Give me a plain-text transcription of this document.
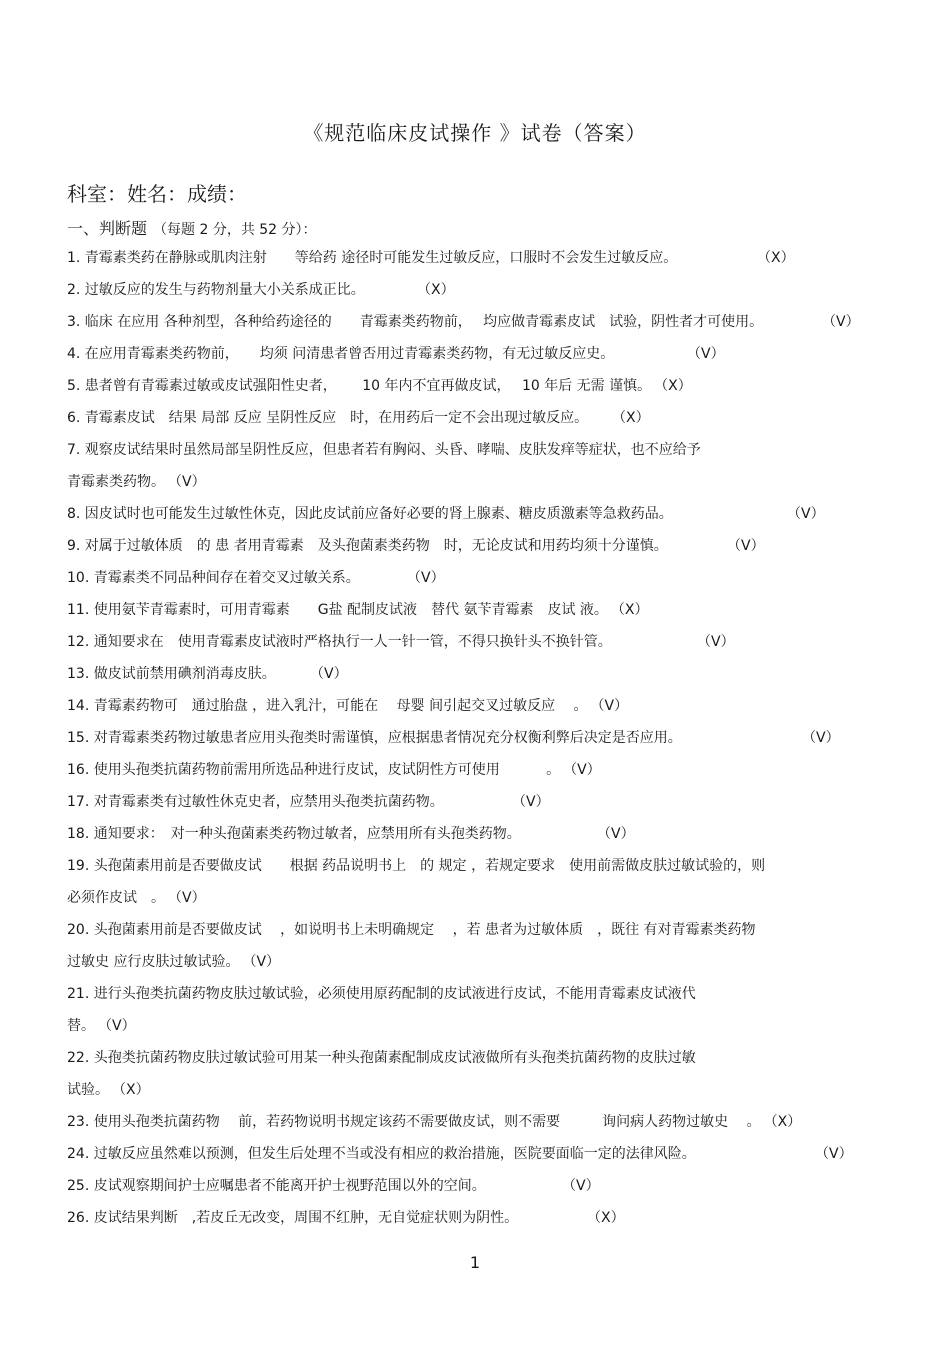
《规范临床皮试操作 》试卷（答案）
科室：姓名：成绩：
一、判断题 （每题 2 分，共 52 分）：
1. 青霉素类药在静脉或肌肉注射　　等给药 途径时可能发生过敏反应，口服时不会发生过敏反应。	（X）
2. 过敏反应的发生与药物剂量大小关系成正比。	（X）
3. 临床 在应用 各种剂型，各种给药途径的　　青霉素类药物前，　 均应做青霉素皮试　试验，阴性者才可使用。	（V）
4. 在应用青霉素类药物前，　　均须 问清患者曾否用过青霉素类药物，有无过敏反应史。	（V）
5. 患者曾有青霉素过敏或皮试强阳性史者，　　 10 年内不宜再做皮试，　 10 年后 无需 谨慎。 （X）
6. 青霉素皮试　结果 局部 反应 呈阴性反应　时，在用药后一定不会出现过敏反应。 （X）
7. 观察皮试结果时虽然局部呈阴性反应，但患者若有胸闷、头昏、哮喘、皮肤发痒等症状，也不应给予
青霉素类药物。 （V）
8. 因皮试时也可能发生过敏性休克，因此皮试前应备好必要的肾上腺素、糖皮质激素等急救药品。	（V）
9. 对属于过敏体质　的 患 者用青霉素　及头孢菌素类药物　时，无论皮试和用药均须十分谨慎。	（V）
10. 青霉素类不同品种间存在着交叉过敏关系。	（V）
11. 使用氨苄青霉素时，可用青霉素　　G盐 配制皮试液　替代 氨苄青霉素　皮试 液。 （X）
12. 通知要求在　使用青霉素皮试液时严格执行一人一针一管，不得只换针头不换针管。	（V）
13. 做皮试前禁用碘剂消毒皮肤。 （V）
14. 青霉素药物可　通过胎盘 ，进入乳汁，可能在　 母婴 间引起交叉过敏反应　 。 （V）
15. 对青霉素类药物过敏患者应用头孢类时需谨慎，应根据患者情况充分权衡利弊后决定是否应用。	（V）
16. 使用头孢类抗菌药物前需用所选品种进行皮试，皮试阴性方可使用　　　 。 （V）
17. 对青霉素类有过敏性休克史者，应禁用头孢类抗菌药物。	（V）
18. 通知要求：　对一种头孢菌素类药物过敏者，应禁用所有头孢类药物。	（V）
19. 头孢菌素用前是否要做皮试　　根据 药品说明书上　的 规定 ，若规定要求　使用前需做皮肤过敏试验的，则
必须作皮试　。 （V）
20. 头孢菌素用前是否要做皮试　 ，如说明书上未明确规定　 ，若 患者为过敏体质　，既往 有对青霉素类药物
过敏史 应行皮肤过敏试验。 （V）
21. 进行头孢类抗菌药物皮肤过敏试验，必须使用原药配制的皮试液进行皮试，不能用青霉素皮试液代
替。 （V）
22. 头孢类抗菌药物皮肤过敏试验可用某一种头孢菌素配制成皮试液做所有头孢类抗菌药物的皮肤过敏
试验。 （X）
23. 使用头孢类抗菌药物　 前，若药物说明书规定该药不需要做皮试，则不需要　　　询问病人药物过敏史　 。 （X）
24. 过敏反应虽然难以预测，但发生后处理不当或没有相应的救治措施，医院要面临一定的法律风险。	（V）
25. 皮试观察期间护士应嘱患者不能离开护士视野范围以外的空间。	（V）
26. 皮试结果判断　,若皮丘无改变，周围不红肿，无自觉症状则为阴性。	（X）
1
